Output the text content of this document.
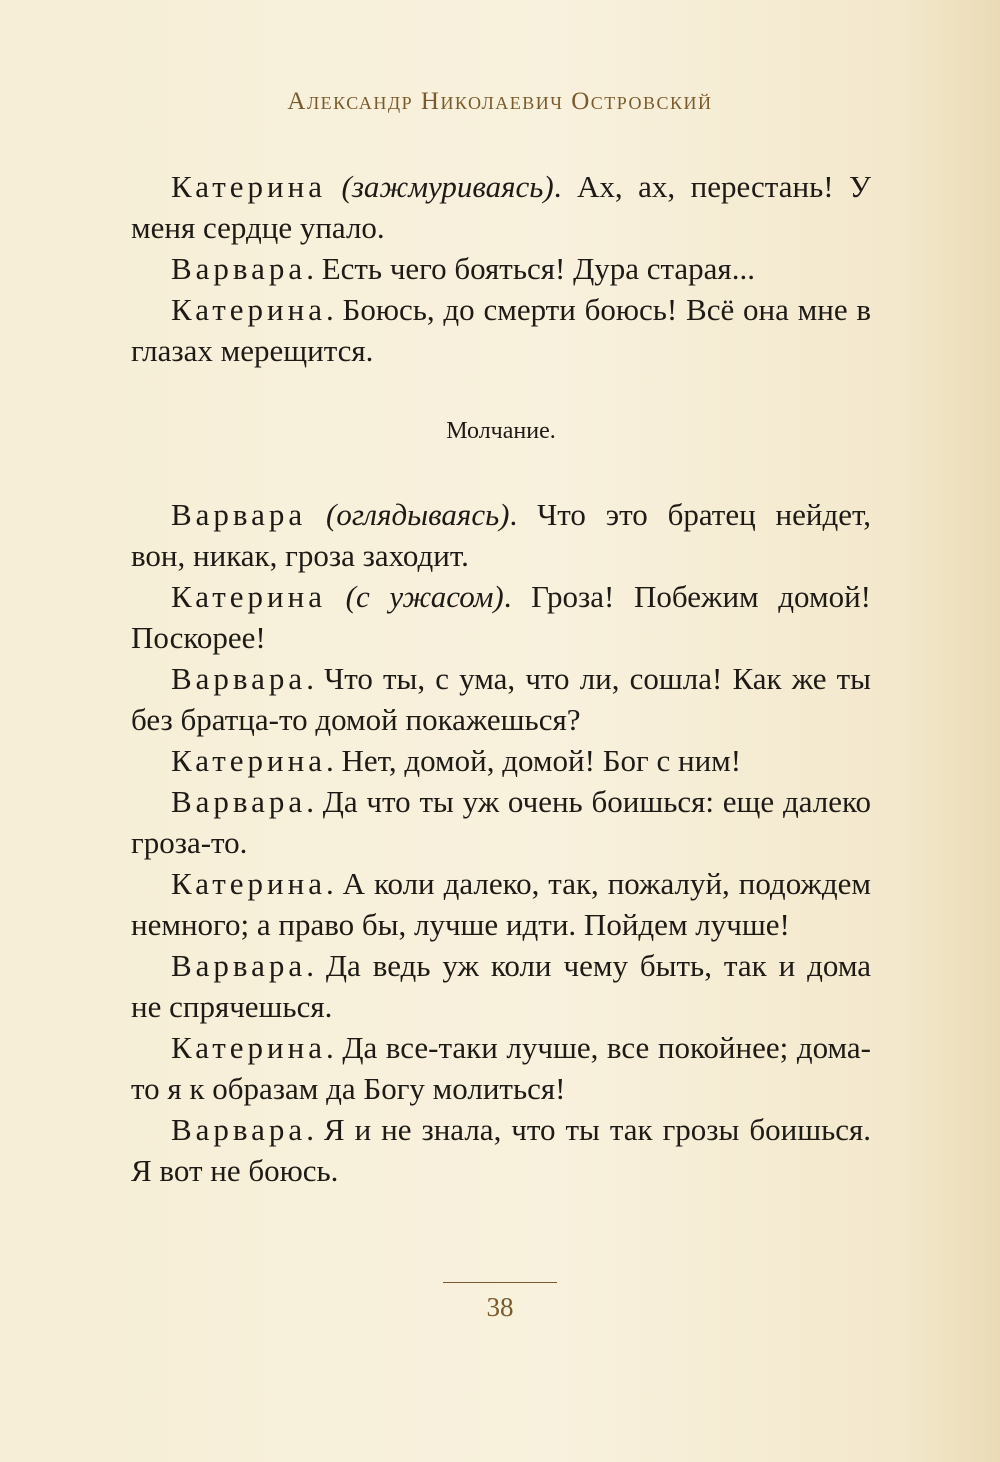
Александр Николаевич Островский

Катерина (зажмуриваясь). Ах, ах, перестань! У меня сердце упало.

Варвара. Есть чего бояться! Дура старая...

Катерина. Боюсь, до смерти боюсь! Всё она мне в глазах мерещится.

Молчание.

Варвара (оглядываясь). Что это братец нейдет, вон, никак, гроза заходит.

Катерина (с ужасом). Гроза! Побежим домой! Поскорее!

Варвара. Что ты, с ума, что ли, сошла! Как же ты без братца-то домой покажешься?

Катерина. Нет, домой, домой! Бог с ним!

Варвара. Да что ты уж очень боишься: еще далеко гроза-то.

Катерина. А коли далеко, так, пожалуй, подождем немного; а право бы, лучше идти. Пойдем лучше!

Варвара. Да ведь уж коли чему быть, так и дома не спрячешься.

Катерина. Да все-таки лучше, все покойнее; дома-то я к образам да Богу молиться!

Варвара. Я и не знала, что ты так грозы боишься. Я вот не боюсь.

38
